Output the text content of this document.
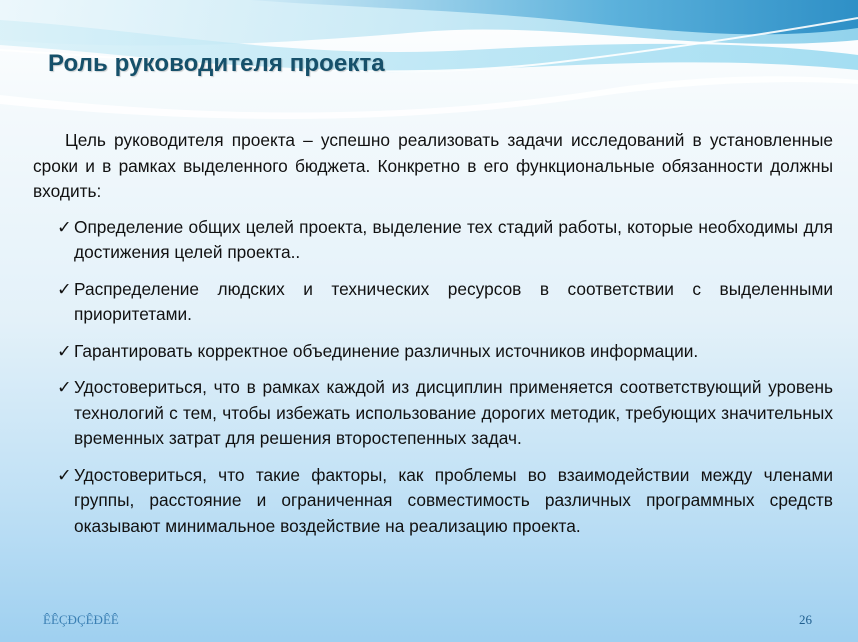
Роль руководителя проекта

Цель руководителя проекта – успешно реализовать задачи исследований в установленные сроки и в рамках выделенного бюджета. Конкретно в его функциональные обязанности должны входить:

✓ Определение общих целей проекта, выделение тех стадий работы, которые необходимы для достижения целей проекта..
✓ Распределение людских и технических ресурсов в соответствии с выделенными приоритетами.
✓ Гарантировать корректное объединение различных источников информации.
✓ Удостовериться, что в рамках каждой из дисциплин применяется соответствующий уровень технологий с тем, чтобы избежать использование дорогих методик, требующих значительных временных затрат для решения второстепенных задач.
✓ Удостовериться, что такие факторы, как проблемы во взаимодействии между членами группы, расстояние и ограниченная совместимость различных программных средств оказывают минимальное воздействие на реализацию проекта.
ÊÊÇÐÇÊÐÊÊ	26
